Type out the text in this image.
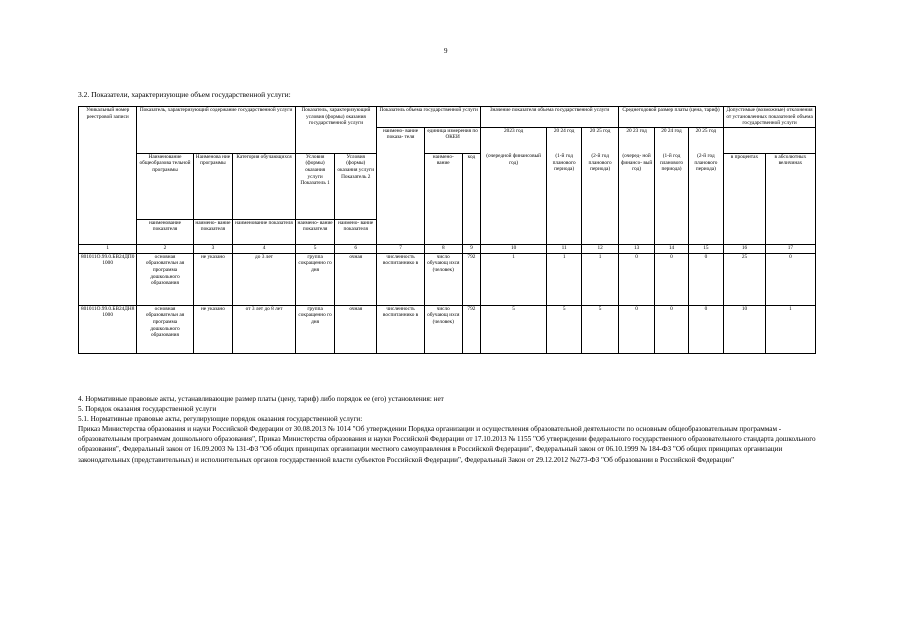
9
3.2. Показатели, характеризующие объем государственной услуги:
Уникальный номер реестровой записи	Показатель, характеризующий содержание государственной услуги			Показатель, характеризующий условия (формы) оказания государственной услуги		Показатель объема государственной услуги			Значение показателя объема государственной услуги			Среднегодовой размер платы (цена, тариф)			Допустимые (возможные) отклонения от установленных показателей объема государственной услуги	
						наимено- вание показа- теля	единица измерения по ОКЕИ		2023 год	20 24 год	20 25 год	20 23 год	20 24 год	20 25 год		
	Наименование общеобразова тельной программы	Наименова ние программы	Категория обучающихся	Условия (формы) оказания услуги Показатель 1	Условия (формы) оказания услуги Показатель 2		наимено- вание	код	(очередной финансовый год)	(1-й год планового периода)	(2-й год планового периода)	(очеред- ной финансо- вый год)	(1-й год планового периода)	(2-й год планового периода)	в процентах	в абсолютных величинах
	наименование показателя	наимено- вание показателя	наименование показателя	наимено- вание показателя	наимено- вание показателя											
1	2	3	4	5	6	7	8	9	10	11	12	13	14	15	16	17
801011О.99.0.БВ24ДП01000	основная образовательн ая программа дошкольного образования	не указано	до 3 лет	группа сокращенно го дня	очная	численность воспитаннико в	число обучающ ихся (человек)	792	1	1	1	0	0	0	25	0
801011О.99.0.БВ24ДН81000	основная образовательн ая программа дошкольного образования	не указано	от 3 лет до 8 лет	группа сокращенно го дня	очная	численность воспитаннико в	число обучающ ихся (человек)	792	5	5	5	0	0	0	10	1

4. Нормативные правовые акты, устанавливающие размер платы (цену, тариф) либо порядок ее (его) установления: нет

5. Порядок оказания государственной услуги

5.1. Нормативные правовые акты, регулирующие порядок оказания государственной услуги:

Приказ Министерства образования и науки Российской Федерации от 30.08.2013 № 1014 "Об утверждении Порядка организации и осуществления образовательной деятельности по основным общеобразовательным программам - образовательным программам дошкольного образования", Приказ Министерства образования и науки Российской Федерации от 17.10.2013 № 1155 "Об утверждении федерального государственного образовательного стандарта дошкольного образования", Федеральный закон от 16.09.2003 № 131-ФЗ "Об общих принципах организации местного самоуправления в Российской Федерации", Федеральный закон от 06.10.1999 № 184-ФЗ "Об общих принципах организации законодательных (представительных) и исполнительных органов государственной власти субъектов Российской Федерации", Федеральный Закон от 29.12.2012 №273-ФЗ "Об образовании в Российской Федерации"
